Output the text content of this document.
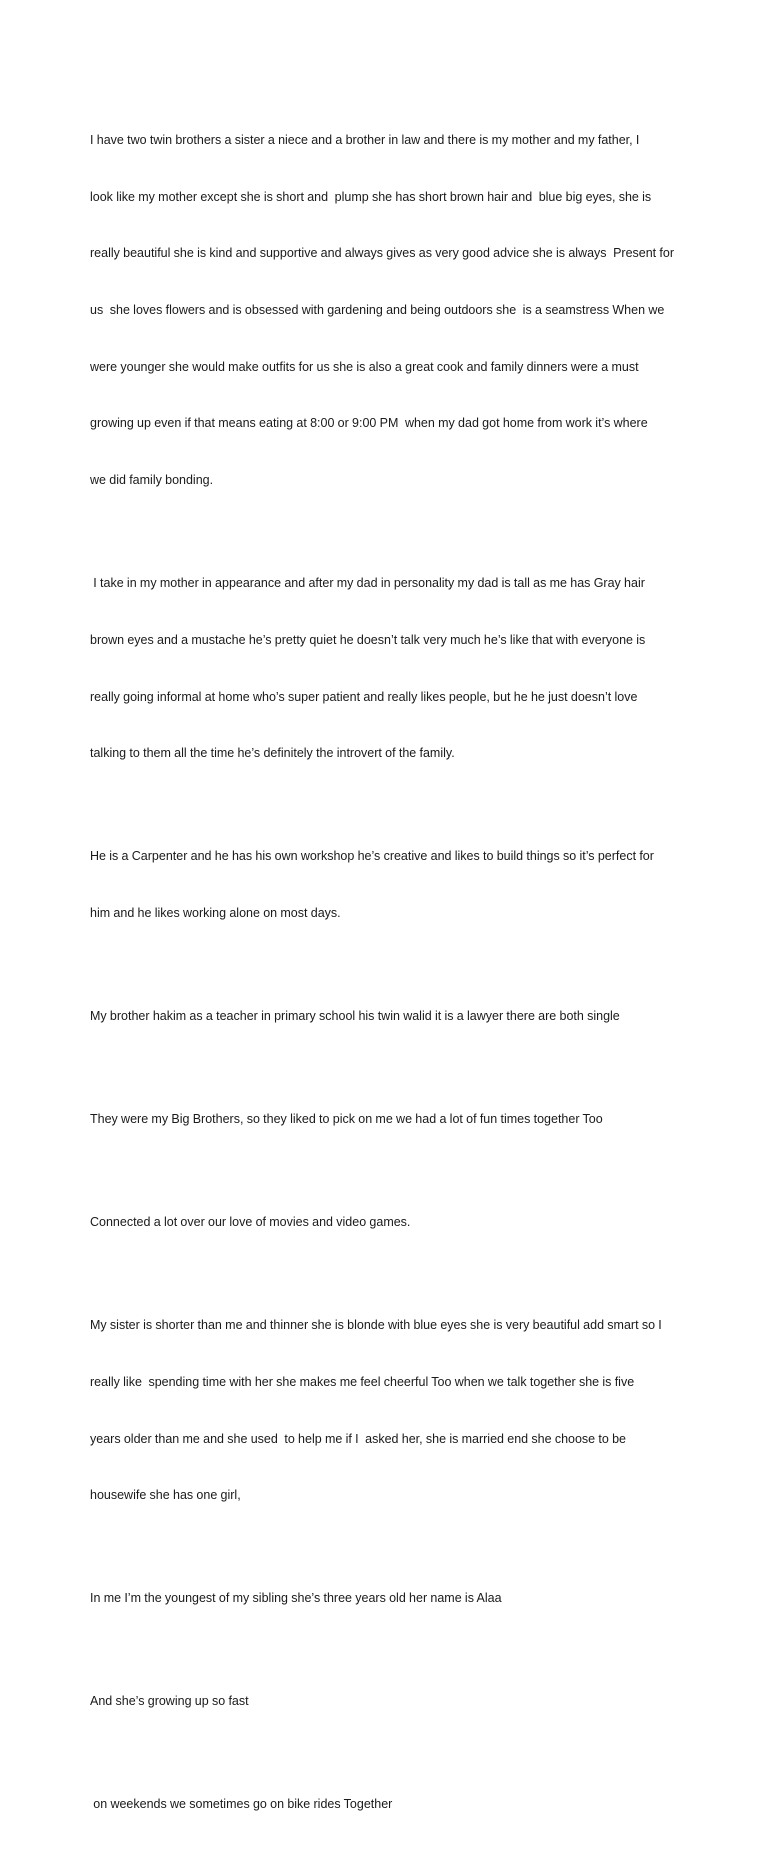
I have two twin brothers a sister a niece and a brother in law and there is my mother and my father, I

look like my mother except she is short and  plump she has short brown hair and  blue big eyes, she is

really beautiful she is kind and supportive and always gives as very good advice she is always  Present for

us  she loves flowers and is obsessed with gardening and being outdoors she  is a seamstress When we

were younger she would make outfits for us she is also a great cook and family dinners were a must

growing up even if that means eating at 8:00 or 9:00 PM  when my dad got home from work it’s where

we did family bonding.

I take in my mother in appearance and after my dad in personality my dad is tall as me has Gray hair

brown eyes and a mustache he’s pretty quiet he doesn’t talk very much he’s like that with everyone is

really going informal at home who’s super patient and really likes people, but he he just doesn’t love

talking to them all the time he’s definitely the introvert of the family.

He is a Carpenter and he has his own workshop he’s creative and likes to build things so it’s perfect for

him and he likes working alone on most days.

My brother hakim as a teacher in primary school his twin walid it is a lawyer there are both single

They were my Big Brothers, so they liked to pick on me we had a lot of fun times together Too

Connected a lot over our love of movies and video games.

My sister is shorter than me and thinner she is blonde with blue eyes she is very beautiful add smart so I

really like  spending time with her she makes me feel cheerful Too when we talk together she is five

years older than me and she used  to help me if I  asked her, she is married end she choose to be

housewife she has one girl,

In me I’m the youngest of my sibling she’s three years old her name is Alaa

And she’s growing up so fast

on weekends we sometimes go on bike rides Together
